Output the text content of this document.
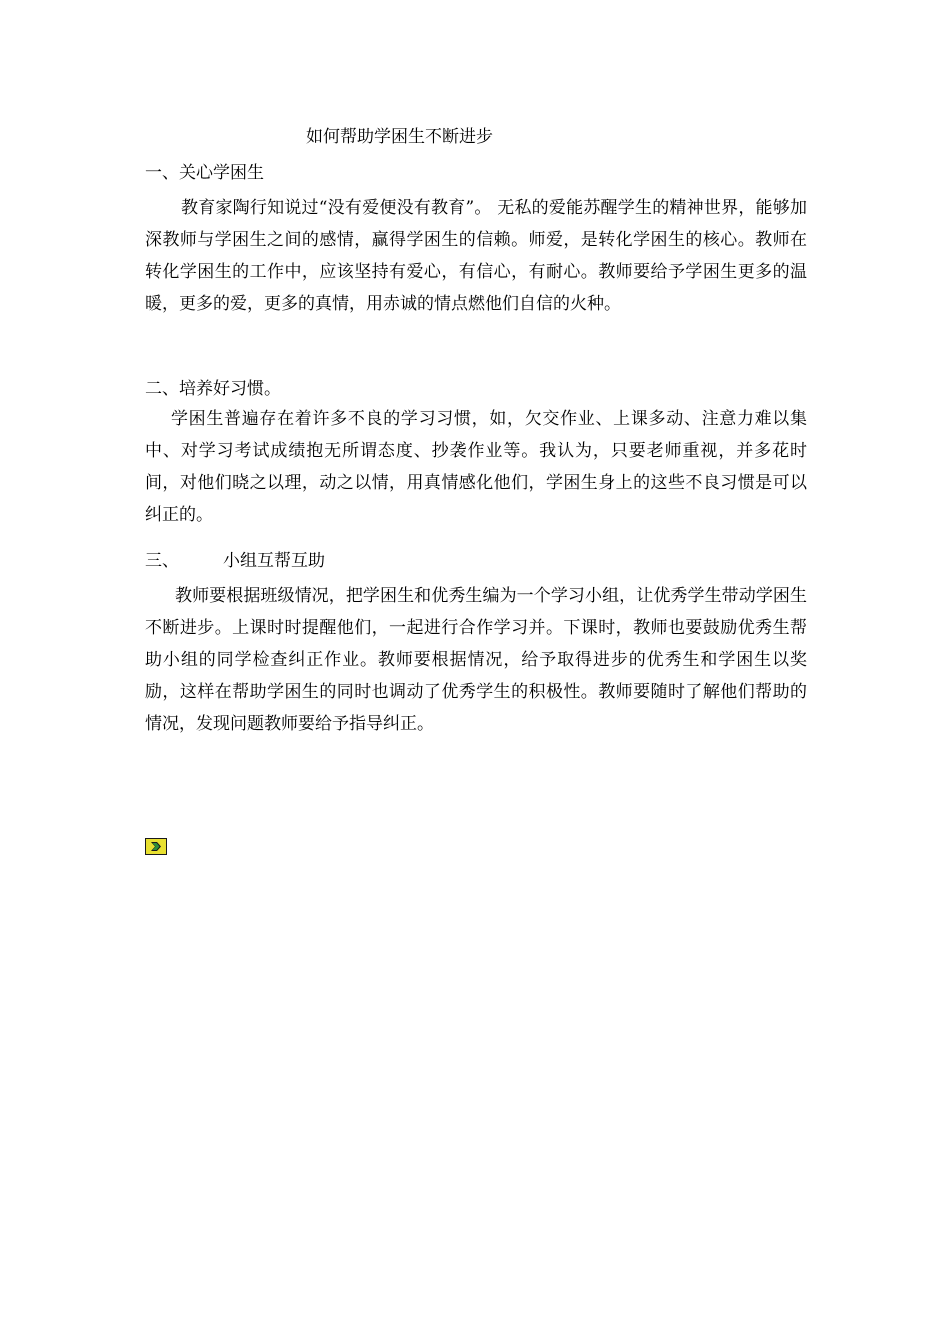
如何帮助学困生不断进步
一、关心学困生
教育家陶行知说过“没有爱便没有教育”。 无私的爱能苏醒学生的精神世界，能够加深教师与学困生之间的感情，赢得学困生的信赖。师爱，是转化学困生的核心。教师在转化学困生的工作中，应该坚持有爱心，有信心，有耐心。教师要给予学困生更多的温暖，更多的爱，更多的真情，用赤诚的情点燃他们自信的火种。
二、培养好习惯。
学困生普遍存在着许多不良的学习习惯，如，欠交作业、上课多动、注意力难以集中、对学习考试成绩抱无所谓态度、抄袭作业等。我认为，只要老师重视，并多花时间，对他们晓之以理，动之以情，用真情感化他们，学困生身上的这些不良习惯是可以纠正的。
三、	小组互帮互助
教师要根据班级情况，把学困生和优秀生编为一个学习小组，让优秀学生带动学困生不断进步。上课时时提醒他们，一起进行合作学习并。下课时，教师也要鼓励优秀生帮助小组的同学检查纠正作业。教师要根据情况，给予取得进步的优秀生和学困生以奖励，这样在帮助学困生的同时也调动了优秀学生的积极性。教师要随时了解他们帮助的情况，发现问题教师要给予指导纠正。
